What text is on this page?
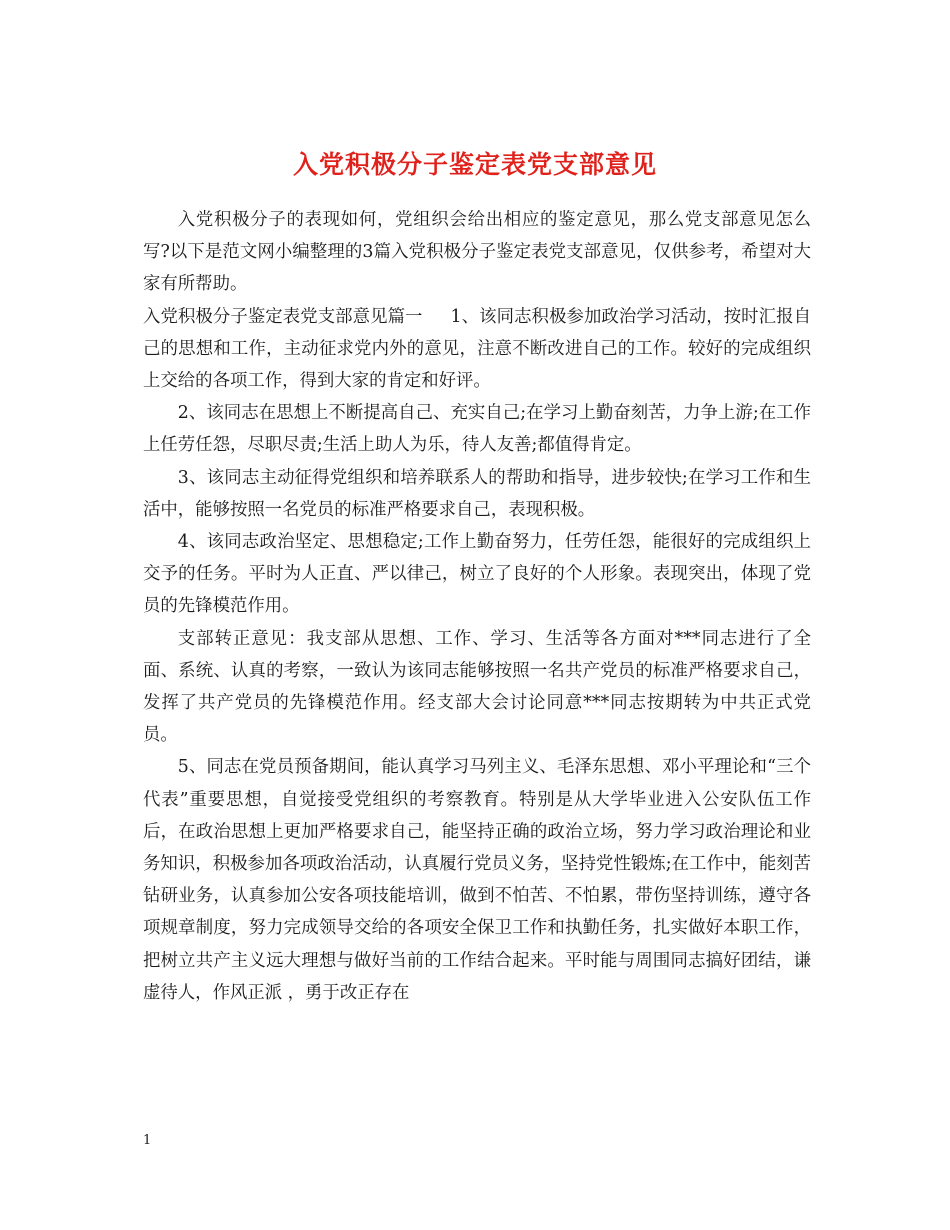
入党积极分子鉴定表党支部意见

入党积极分子的表现如何，党组织会给出相应的鉴定意见，那么党支部意见怎么写?以下是范文网小编整理的3篇入党积极分子鉴定表党支部意见，仅供参考，希望对大家有所帮助。

入党积极分子鉴定表党支部意见篇一 1、该同志积极参加政治学习活动，按时汇报自己的思想和工作，主动征求党内外的意见，注意不断改进自己的工作。较好的完成组织上交给的各项工作，得到大家的肯定和好评。

2、该同志在思想上不断提高自己、充实自己;在学习上勤奋刻苦，力争上游;在工作上任劳任怨，尽职尽责;生活上助人为乐，待人友善;都值得肯定。

3、该同志主动征得党组织和培养联系人的帮助和指导，进步较快;在学习工作和生活中，能够按照一名党员的标准严格要求自己，表现积极。

4、该同志政治坚定、思想稳定;工作上勤奋努力，任劳任怨，能很好的完成组织上交予的任务。平时为人正直、严以律己，树立了良好的个人形象。表现突出，体现了党员的先锋模范作用。

支部转正意见：我支部从思想、工作、学习、生活等各方面对***同志进行了全面、系统、认真的考察，一致认为该同志能够按照一名共产党员的标准严格要求自己，发挥了共产党员的先锋模范作用。经支部大会讨论同意***同志按期转为中共正式党员。

5、同志在党员预备期间，能认真学习马列主义、毛泽东思想、邓小平理论和“三个代表”重要思想，自觉接受党组织的考察教育。特别是从大学毕业进入公安队伍工作后，在政治思想上更加严格要求自己，能坚持正确的政治立场，努力学习政治理论和业务知识，积极参加各项政治活动，认真履行党员义务，坚持党性锻炼;在工作中，能刻苦钻研业务，认真参加公安各项技能培训，做到不怕苦、不怕累，带伤坚持训练，遵守各项规章制度，努力完成领导交给的各项安全保卫工作和执勤任务，扎实做好本职工作，把树立共产主义远大理想与做好当前的工作结合起来。平时能与周围同志搞好团结，谦虚待人，作风正派 ，勇于改正存在

1
